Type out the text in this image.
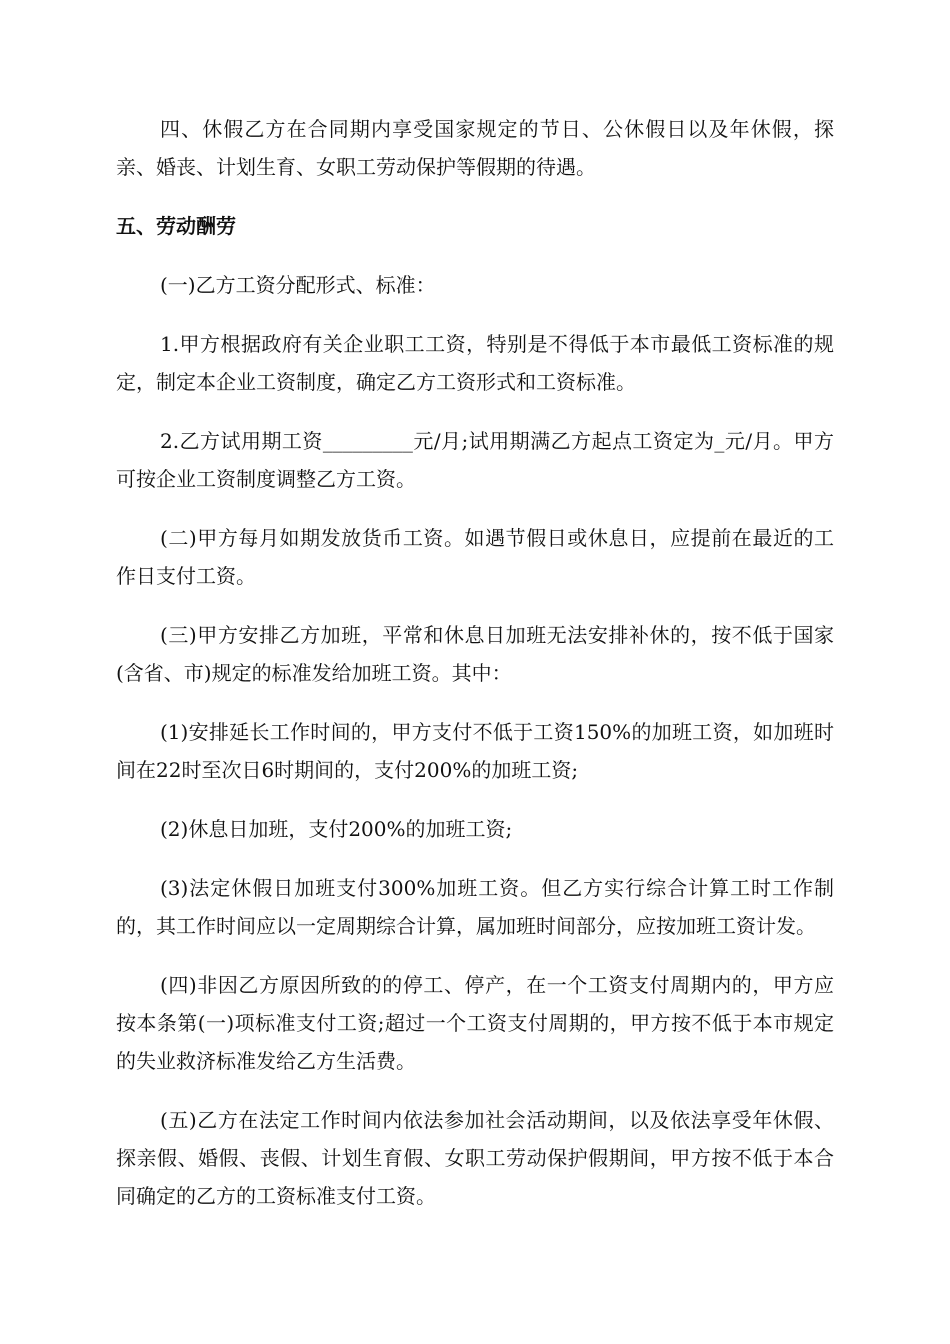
四、休假乙方在合同期内享受国家规定的节日、公休假日以及年休假，探亲、婚丧、计划生育、女职工劳动保护等假期的待遇。

五、劳动酬劳

(一)乙方工资分配形式、标准：

1.甲方根据政府有关企业职工工资，特别是不得低于本市最低工资标准的规定，制定本企业工资制度，确定乙方工资形式和工资标准。

2.乙方试用期工资_________元/月;试用期满乙方起点工资定为_元/月。甲方可按企业工资制度调整乙方工资。

(二)甲方每月如期发放货币工资。如遇节假日或休息日，应提前在最近的工作日支付工资。

(三)甲方安排乙方加班，平常和休息日加班无法安排补休的，按不低于国家(含省、市)规定的标准发给加班工资。其中：

(1)安排延长工作时间的，甲方支付不低于工资150%的加班工资，如加班时间在22时至次日6时期间的，支付200%的加班工资;

(2)休息日加班，支付200%的加班工资;

(3)法定休假日加班支付300%加班工资。但乙方实行综合计算工时工作制的，其工作时间应以一定周期综合计算，属加班时间部分，应按加班工资计发。

(四)非因乙方原因所致的的停工、停产，在一个工资支付周期内的，甲方应按本条第(一)项标准支付工资;超过一个工资支付周期的，甲方按不低于本市规定的失业救济标准发给乙方生活费。

(五)乙方在法定工作时间内依法参加社会活动期间，以及依法享受年休假、探亲假、婚假、丧假、计划生育假、女职工劳动保护假期间，甲方按不低于本合同确定的乙方的工资标准支付工资。
